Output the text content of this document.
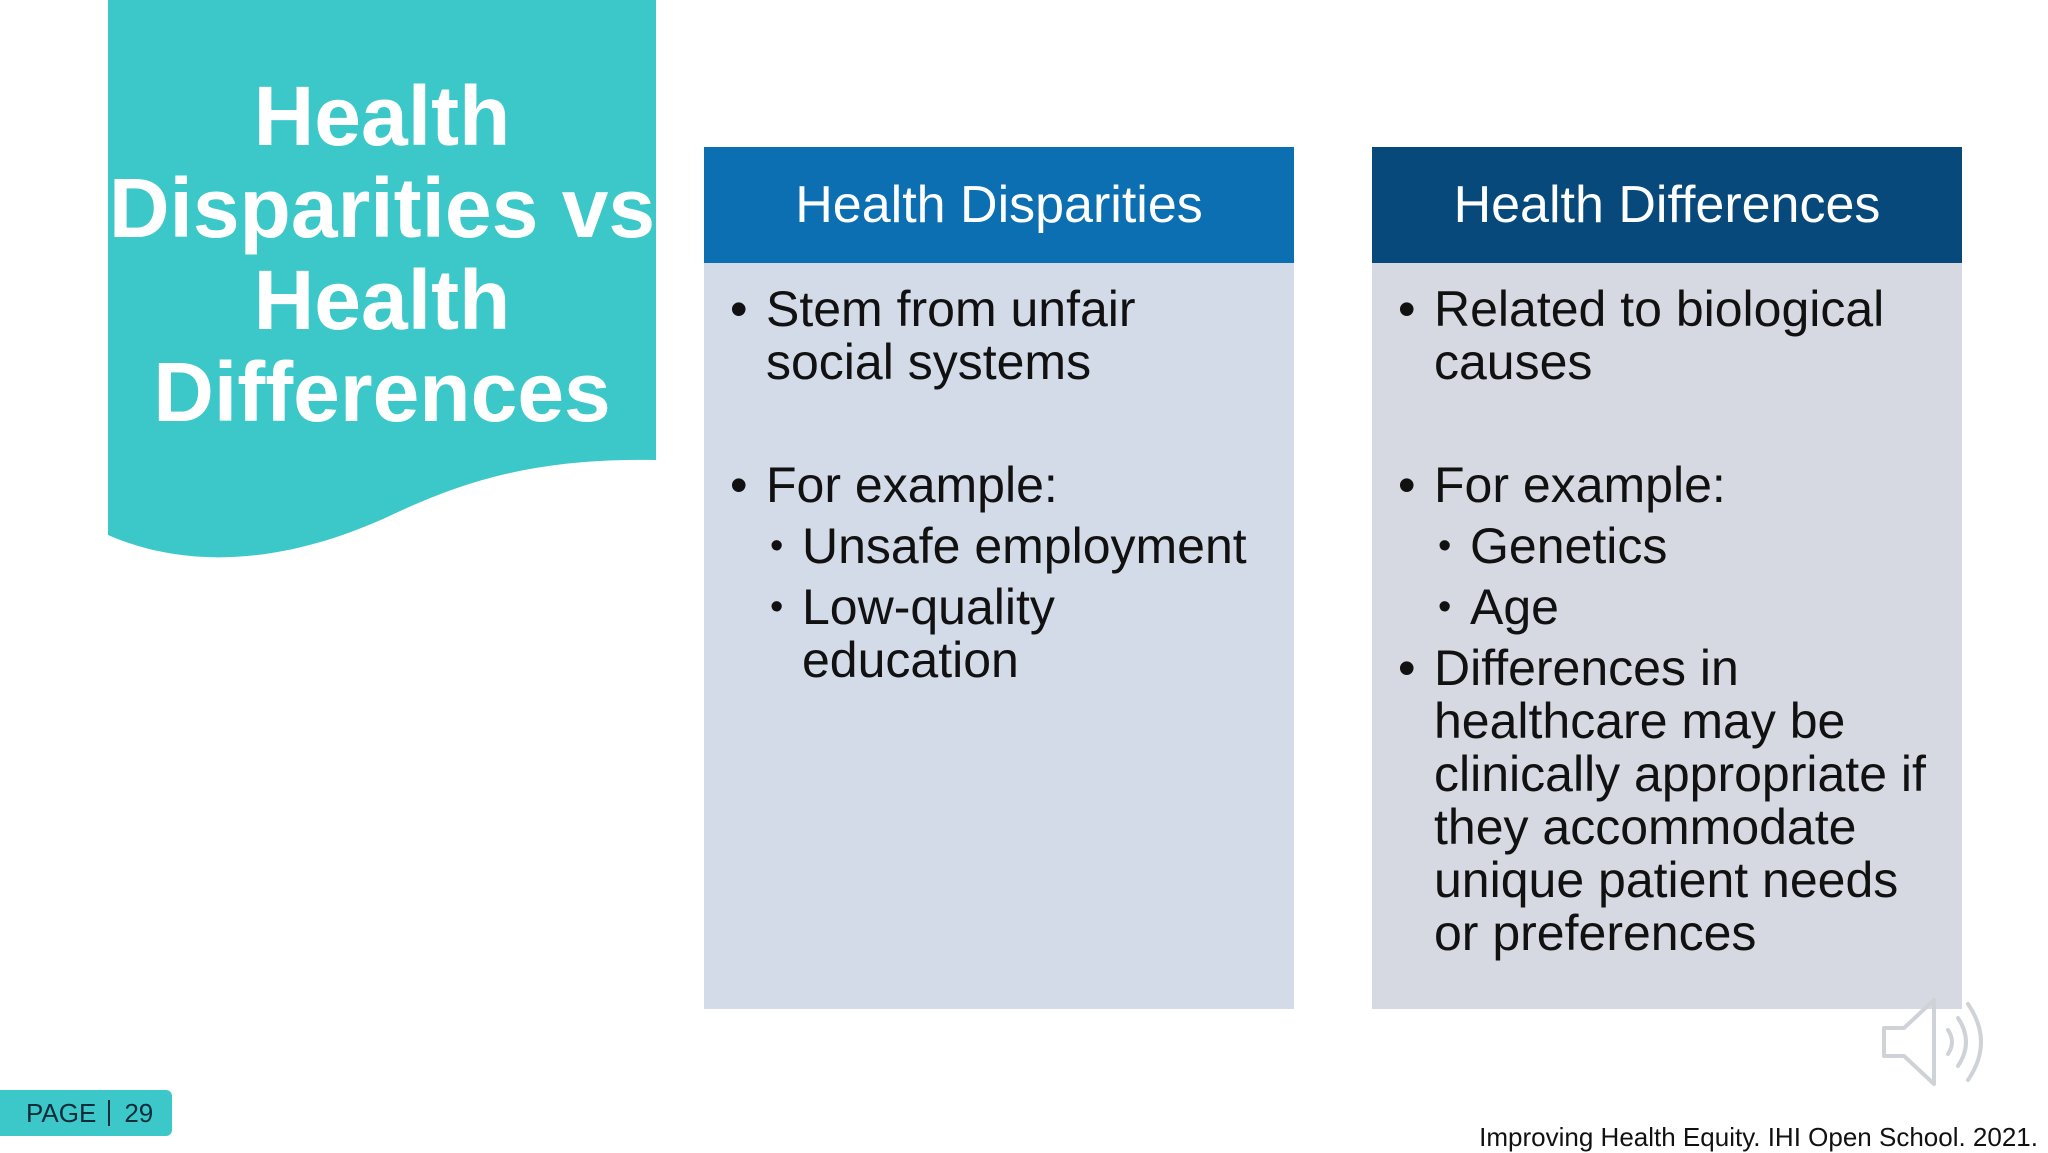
Health Disparities vs Health Differences
Health Disparities
• Stem from unfair social systems
• For example:
• Unsafe employment
• Low-quality education
Health Differences
• Related to biological causes
• For example:
• Genetics
• Age
• Differences in healthcare may be clinically appropriate if they accommodate unique patient needs or preferences
PAGE 29
Improving Health Equity. IHI Open School. 2021.
